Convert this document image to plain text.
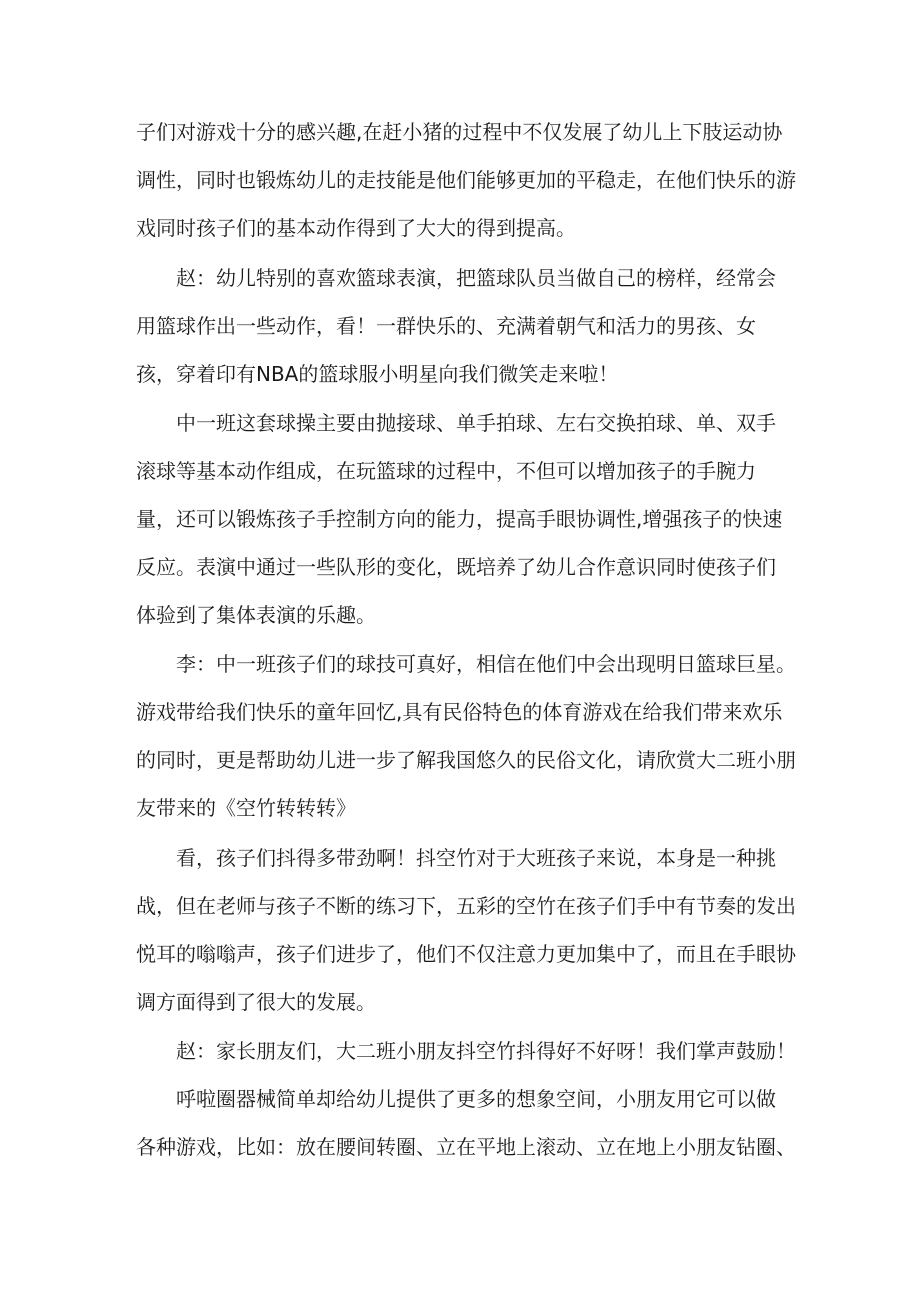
子们对游戏十分的感兴趣,在赶小猪的过程中不仅发展了幼儿上下肢运动协
调性，同时也锻炼幼儿的走技能是他们能够更加的平稳走，在他们快乐的游
戏同时孩子们的基本动作得到了大大的得到提高。
赵：幼儿特别的喜欢篮球表演，把篮球队员当做自己的榜样，经常会
用篮球作出一些动作，看！一群快乐的、充满着朝气和活力的男孩、女
孩，穿着印有NBA的篮球服小明星向我们微笑走来啦！
中一班这套球操主要由抛接球、单手拍球、左右交换拍球、单、双手
滚球等基本动作组成，在玩篮球的过程中，不但可以增加孩子的手腕力
量，还可以锻炼孩子手控制方向的能力，提高手眼协调性,增强孩子的快速
反应。表演中通过一些队形的变化，既培养了幼儿合作意识同时使孩子们
体验到了集体表演的乐趣。
李：中一班孩子们的球技可真好，相信在他们中会出现明日篮球巨星。
游戏带给我们快乐的童年回忆,具有民俗特色的体育游戏在给我们带来欢乐
的同时，更是帮助幼儿进一步了解我国悠久的民俗文化，请欣赏大二班小朋
友带来的《空竹转转转》
看，孩子们抖得多带劲啊！抖空竹对于大班孩子来说，本身是一种挑
战，但在老师与孩子不断的练习下，五彩的空竹在孩子们手中有节奏的发出
悦耳的嗡嗡声，孩子们进步了，他们不仅注意力更加集中了，而且在手眼协
调方面得到了很大的发展。
赵：家长朋友们，大二班小朋友抖空竹抖得好不好呀！我们掌声鼓励！
呼啦圈器械简单却给幼儿提供了更多的想象空间，小朋友用它可以做
各种游戏，比如：放在腰间转圈、立在平地上滚动、立在地上小朋友钻圈、
